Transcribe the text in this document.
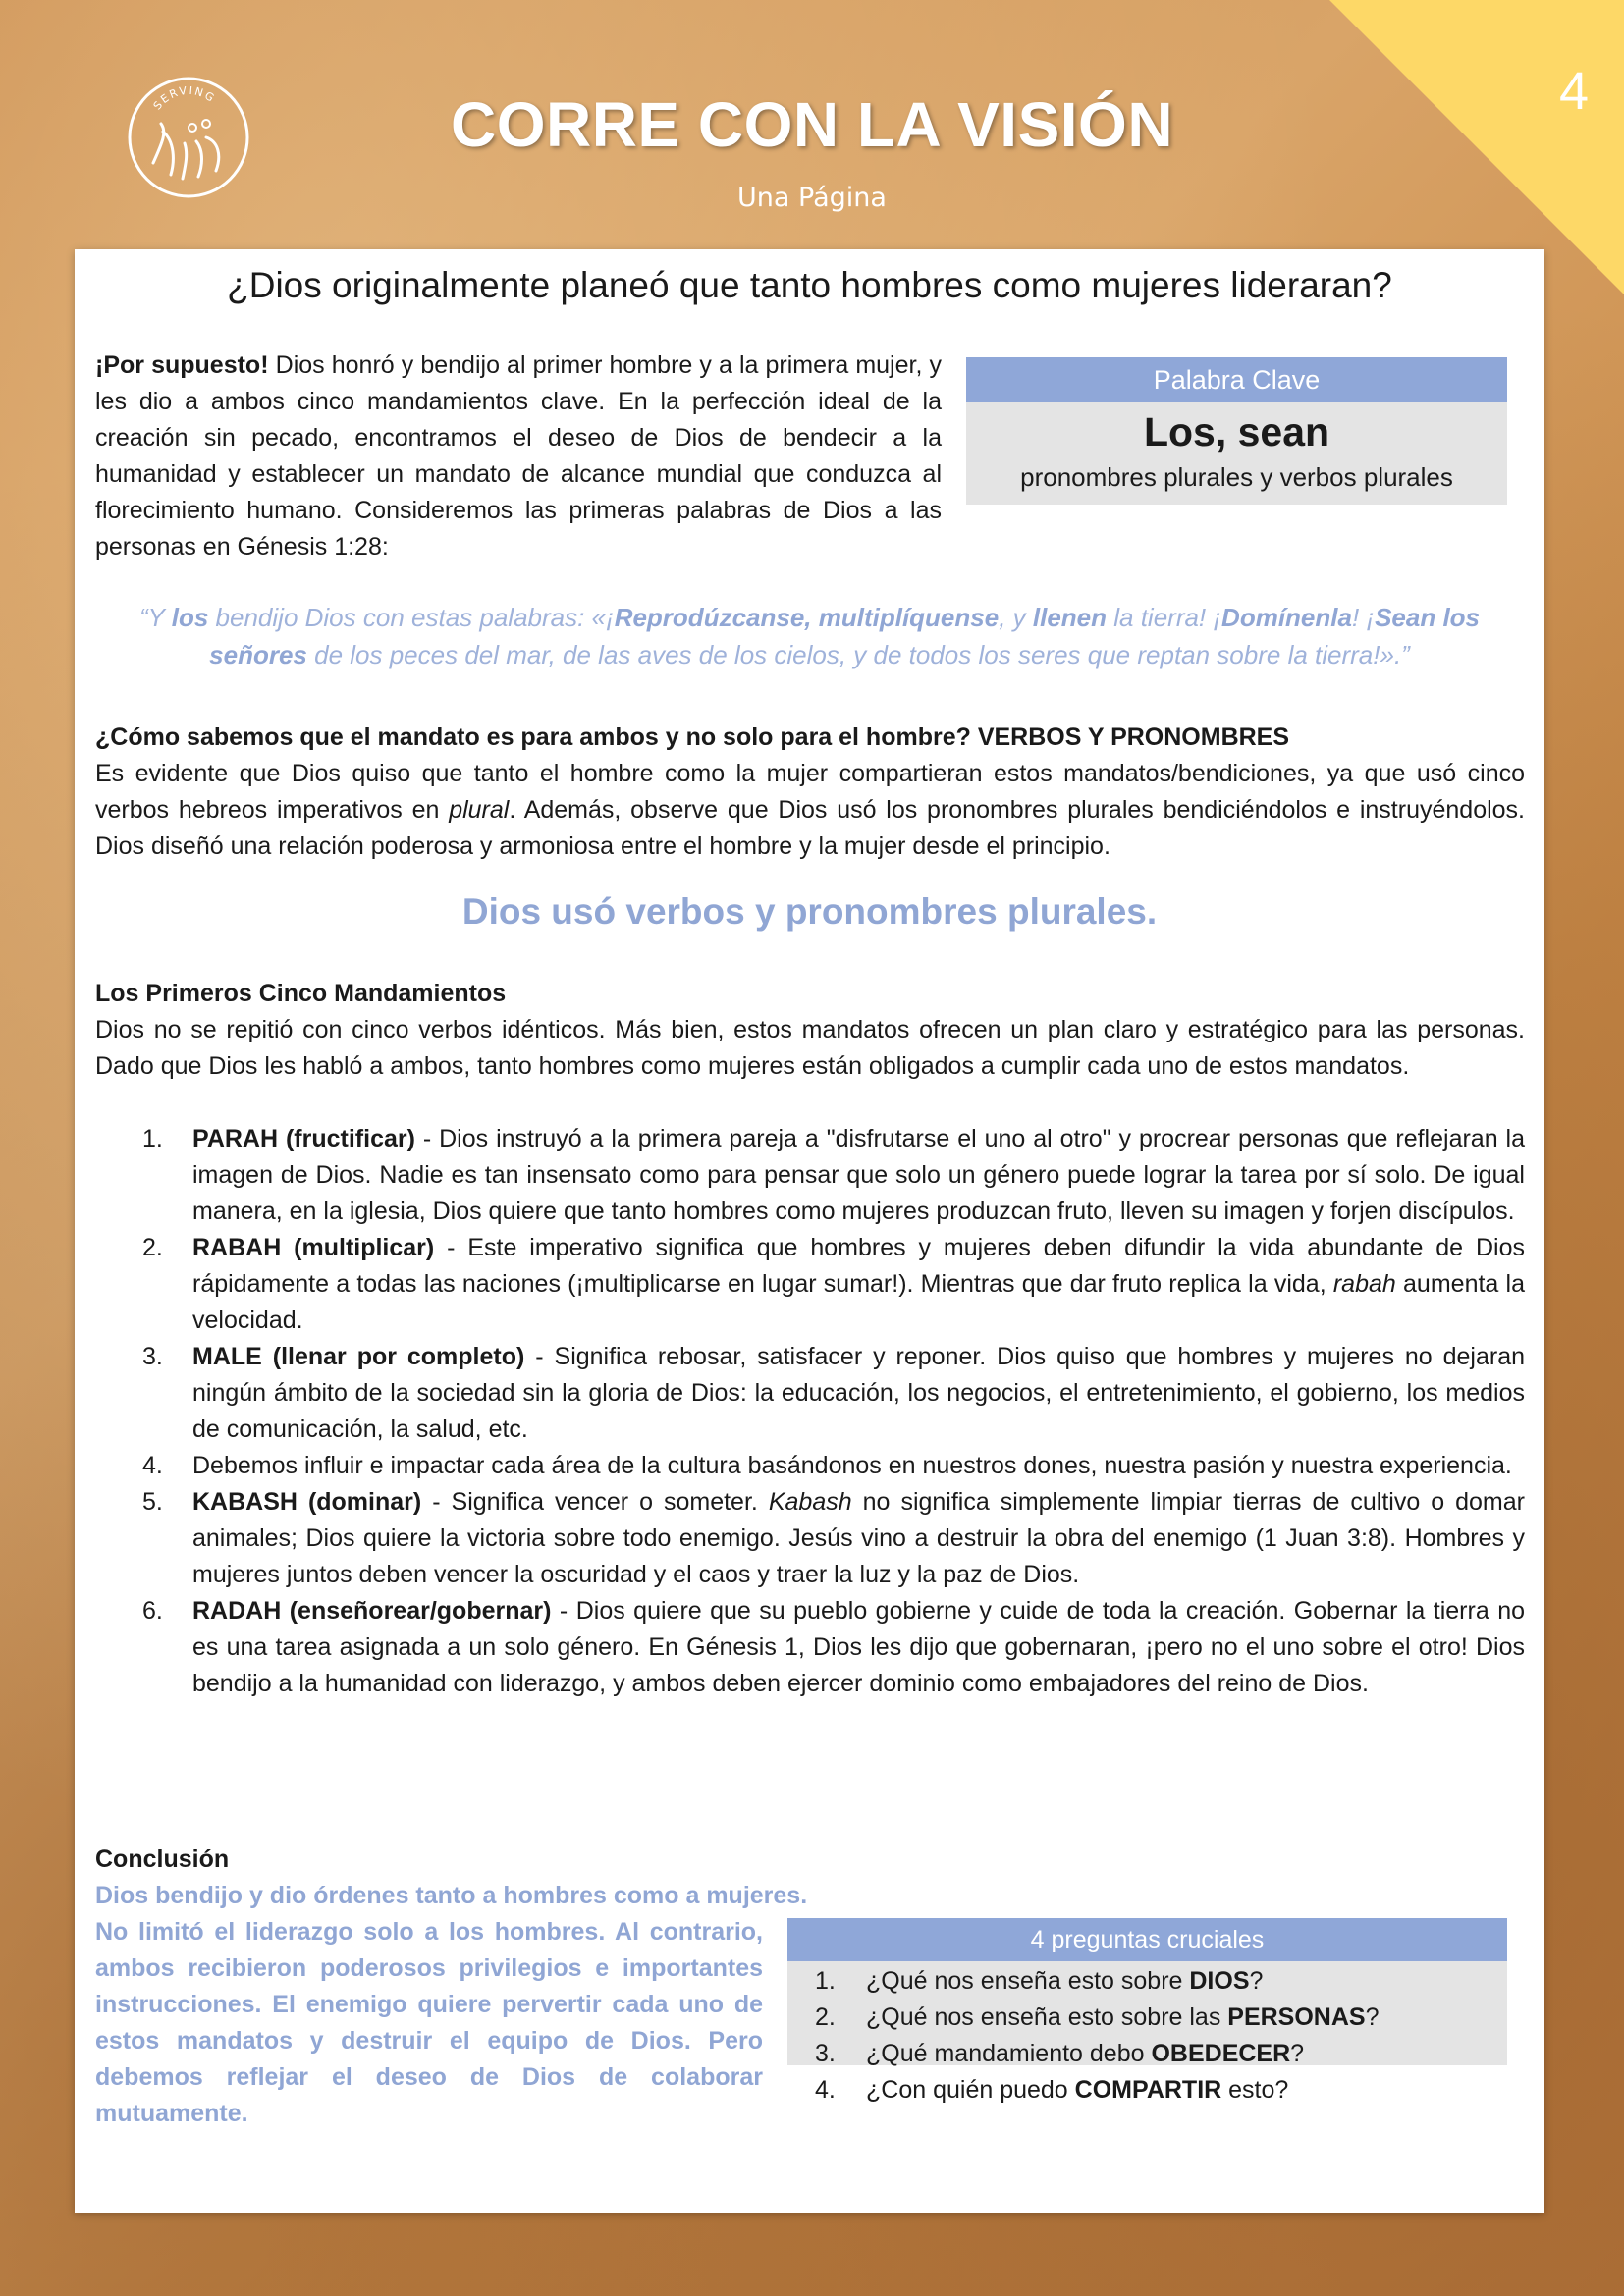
4
SERVING	CORRE CON LA VISIÓN
Una Página
¿Dios originalmente planeó que tanto hombres como mujeres lideraran?
¡Por supuesto! Dios honró y bendijo al primer hombre y a la primera mujer, y les dio a ambos cinco mandamientos clave. En la perfección ideal de la creación sin pecado, encontramos el deseo de Dios de bendecir a la humanidad y establecer un mandato de alcance mundial que conduzca al florecimiento humano. Consideremos las primeras palabras de Dios a las personas en Génesis 1:28:
Palabra Clave
Los, sean
pronombres plurales y verbos plurales
“Y los bendijo Dios con estas palabras: «¡Reprodúzcanse, multiplíquense, y llenen la tierra! ¡Domínenla! ¡Sean los señores de los peces del mar, de las aves de los cielos, y de todos los seres que reptan sobre la tierra!».”
¿Cómo sabemos que el mandato es para ambos y no solo para el hombre? VERBOS Y PRONOMBRES
Es evidente que Dios quiso que tanto el hombre como la mujer compartieran estos mandatos/bendiciones, ya que usó cinco verbos hebreos imperativos en plural. Además, observe que Dios usó los pronombres plurales bendiciéndolos e instruyéndolos. Dios diseñó una relación poderosa y armoniosa entre el hombre y la mujer desde el principio.
Dios usó verbos y pronombres plurales.
Los Primeros Cinco Mandamientos
Dios no se repitió con cinco verbos idénticos. Más bien, estos mandatos ofrecen un plan claro y estratégico para las personas. Dado que Dios les habló a ambos, tanto hombres como mujeres están obligados a cumplir cada uno de estos mandatos.
1. PARAH (fructificar) - Dios instruyó a la primera pareja a "disfrutarse el uno al otro" y procrear personas que reflejaran la imagen de Dios. Nadie es tan insensato como para pensar que solo un género puede lograr la tarea por sí solo. De igual manera, en la iglesia, Dios quiere que tanto hombres como mujeres produzcan fruto, lleven su imagen y forjen discípulos.
2. RABAH (multiplicar) - Este imperativo significa que hombres y mujeres deben difundir la vida abundante de Dios rápidamente a todas las naciones (¡multiplicarse en lugar sumar!). Mientras que dar fruto replica la vida, rabah aumenta la velocidad.
3. MALE (llenar por completo) - Significa rebosar, satisfacer y reponer. Dios quiso que hombres y mujeres no dejaran ningún ámbito de la sociedad sin la gloria de Dios: la educación, los negocios, el entretenimiento, el gobierno, los medios de comunicación, la salud, etc.
4. Debemos influir e impactar cada área de la cultura basándonos en nuestros dones, nuestra pasión y nuestra experiencia.
5. KABASH (dominar) - Significa vencer o someter. Kabash no significa simplemente limpiar tierras de cultivo o domar animales; Dios quiere la victoria sobre todo enemigo. Jesús vino a destruir la obra del enemigo (1 Juan 3:8). Hombres y mujeres juntos deben vencer la oscuridad y el caos y traer la luz y la paz de Dios.
6. RADAH (enseñorear/gobernar) - Dios quiere que su pueblo gobierne y cuide de toda la creación. Gobernar la tierra no es una tarea asignada a un solo género. En Génesis 1, Dios les dijo que gobernaran, ¡pero no el uno sobre el otro! Dios bendijo a la humanidad con liderazgo, y ambos deben ejercer dominio como embajadores del reino de Dios.
Conclusión
Dios bendijo y dio órdenes tanto a hombres como a mujeres.
No limitó el liderazgo solo a los hombres. Al contrario, ambos recibieron poderosos privilegios e importantes instrucciones. El enemigo quiere pervertir cada uno de estos mandatos y destruir el equipo de Dios. Pero debemos reflejar el deseo de Dios de colaborar mutuamente.
4 preguntas cruciales
1. ¿Qué nos enseña esto sobre DIOS?
2. ¿Qué nos enseña esto sobre las PERSONAS?
3. ¿Qué mandamiento debo OBEDECER?
4. ¿Con quién puedo COMPARTIR esto?
